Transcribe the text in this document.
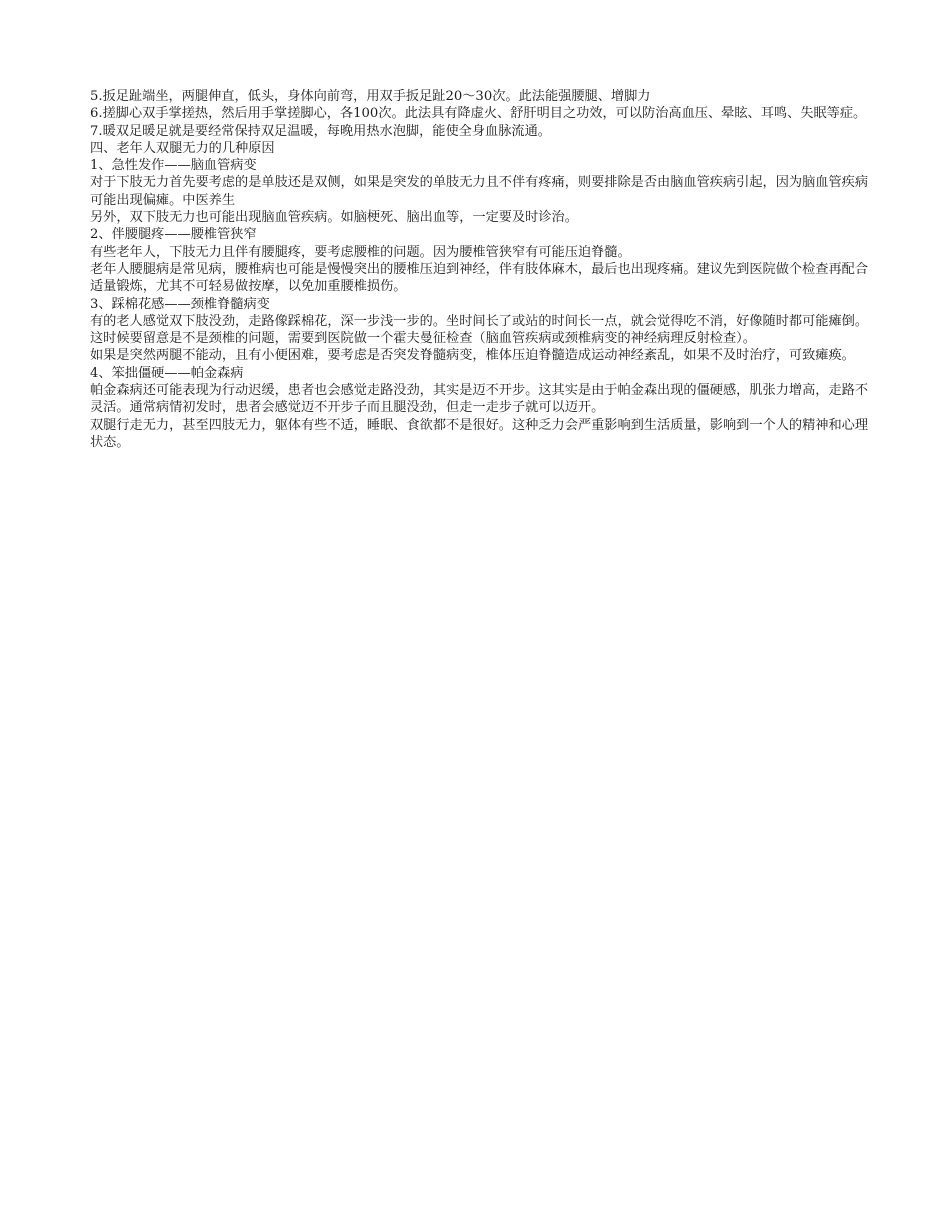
5.扳足趾端坐，两腿伸直，低头，身体向前弯，用双手扳足趾20～30次。此法能强腰腿、增脚力

6.搓脚心双手掌搓热，然后用手掌搓脚心，各100次。此法具有降虚火、舒肝明目之功效，可以防治高血压、晕眩、耳鸣、失眠等症。

7.暖双足暖足就是要经常保持双足温暖，每晚用热水泡脚，能使全身血脉流通。

四、老年人双腿无力的几种原因

1、急性发作——脑血管病变

对于下肢无力首先要考虑的是单肢还是双侧，如果是突发的单肢无力且不伴有疼痛，则要排除是否由脑血管疾病引起，因为脑血管疾病可能出现偏瘫。中医养生

另外，双下肢无力也可能出现脑血管疾病。如脑梗死、脑出血等，一定要及时诊治。

2、伴腰腿疼——腰椎管狭窄

有些老年人，下肢无力且伴有腰腿疼，要考虑腰椎的问题。因为腰椎管狭窄有可能压迫脊髓。

老年人腰腿病是常见病，腰椎病也可能是慢慢突出的腰椎压迫到神经，伴有肢体麻木，最后也出现疼痛。建议先到医院做个检查再配合适量锻炼，尤其不可轻易做按摩，以免加重腰椎损伤。

3、踩棉花感——颈椎脊髓病变

有的老人感觉双下肢没劲，走路像踩棉花，深一步浅一步的。坐时间长了或站的时间长一点，就会觉得吃不消，好像随时都可能瘫倒。这时候要留意是不是颈椎的问题，需要到医院做一个霍夫曼征检查（脑血管疾病或颈椎病变的神经病理反射检查）。

如果是突然两腿不能动，且有小便困难，要考虑是否突发脊髓病变，椎体压迫脊髓造成运动神经紊乱，如果不及时治疗，可致瘫痪。

4、笨拙僵硬——帕金森病

帕金森病还可能表现为行动迟缓，患者也会感觉走路没劲，其实是迈不开步。这其实是由于帕金森出现的僵硬感，肌张力增高，走路不灵活。通常病情初发时，患者会感觉迈不开步子而且腿没劲，但走一走步子就可以迈开。

双腿行走无力，甚至四肢无力，躯体有些不适，睡眠、食欲都不是很好。这种乏力会严重影响到生活质量，影响到一个人的精神和心理状态。
